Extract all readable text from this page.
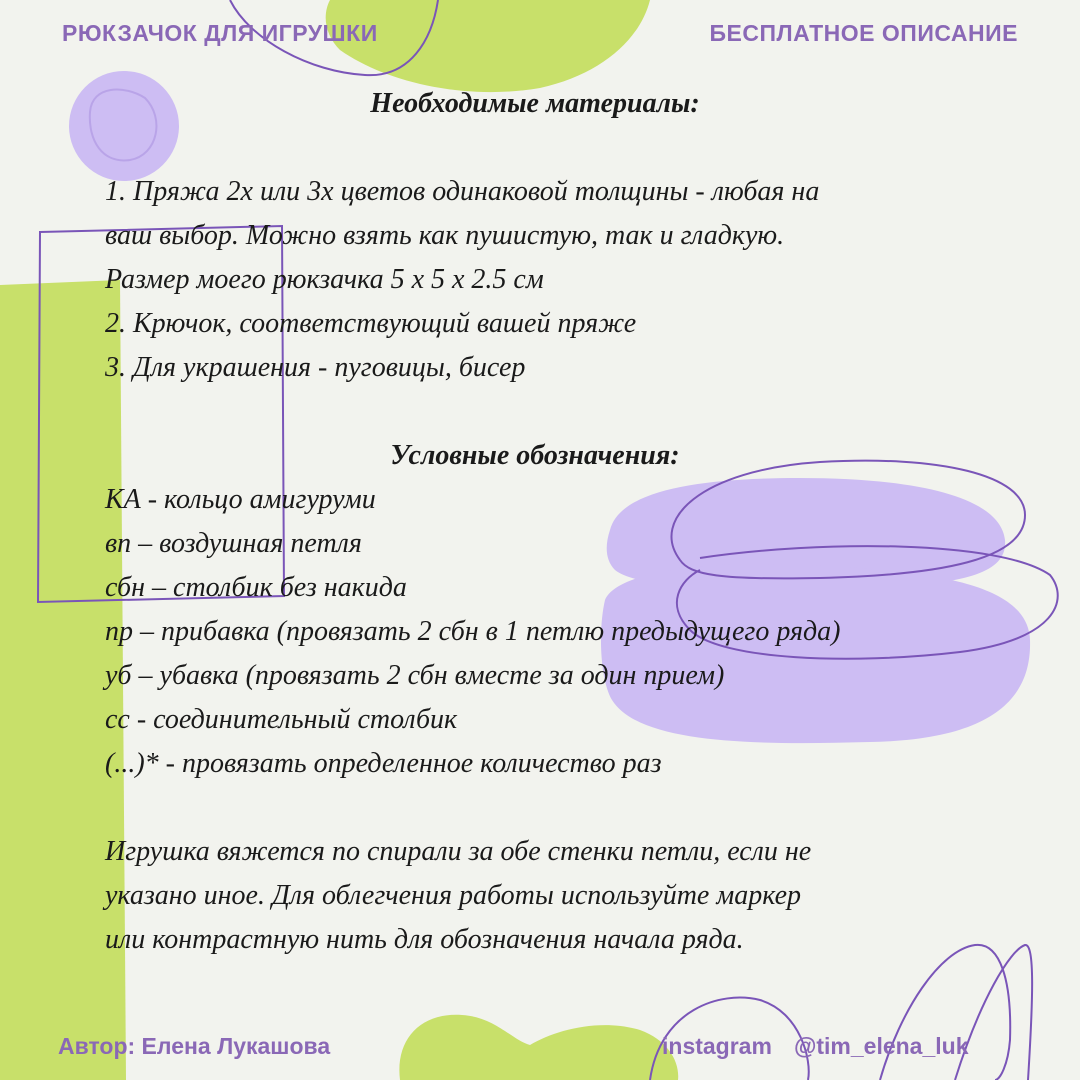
РЮКЗАЧОК ДЛЯ ИГРУШКИ	БЕСПЛАТНОЕ ОПИСАНИЕ
Необходимые материалы:
1. Пряжа 2х или 3х цветов одинаковой толщины - любая на
ваш выбор. Можно взять как пушистую, так и гладкую.
Размер моего рюкзачка 5 х 5 х 2.5 см
2. Крючок, соответствующий вашей пряже
3. Для украшения - пуговицы, бисер
Условные обозначения:
КА - кольцо амигуруми
вп – воздушная петля
сбн – столбик без накида
пр – прибавка (провязать 2 сбн в 1 петлю предыдущего ряда)
уб – убавка (провязать 2 сбн вместе за один прием)
сс - соединительный столбик
(...)* - провязать определенное количество раз
Игрушка вяжется по спирали за обе стенки петли, если не
указано иное. Для облегчения работы используйте маркер
или контрастную нить для обозначения начала ряда.
Автор: Елена Лукашова	instagram @tim_elena_luk
